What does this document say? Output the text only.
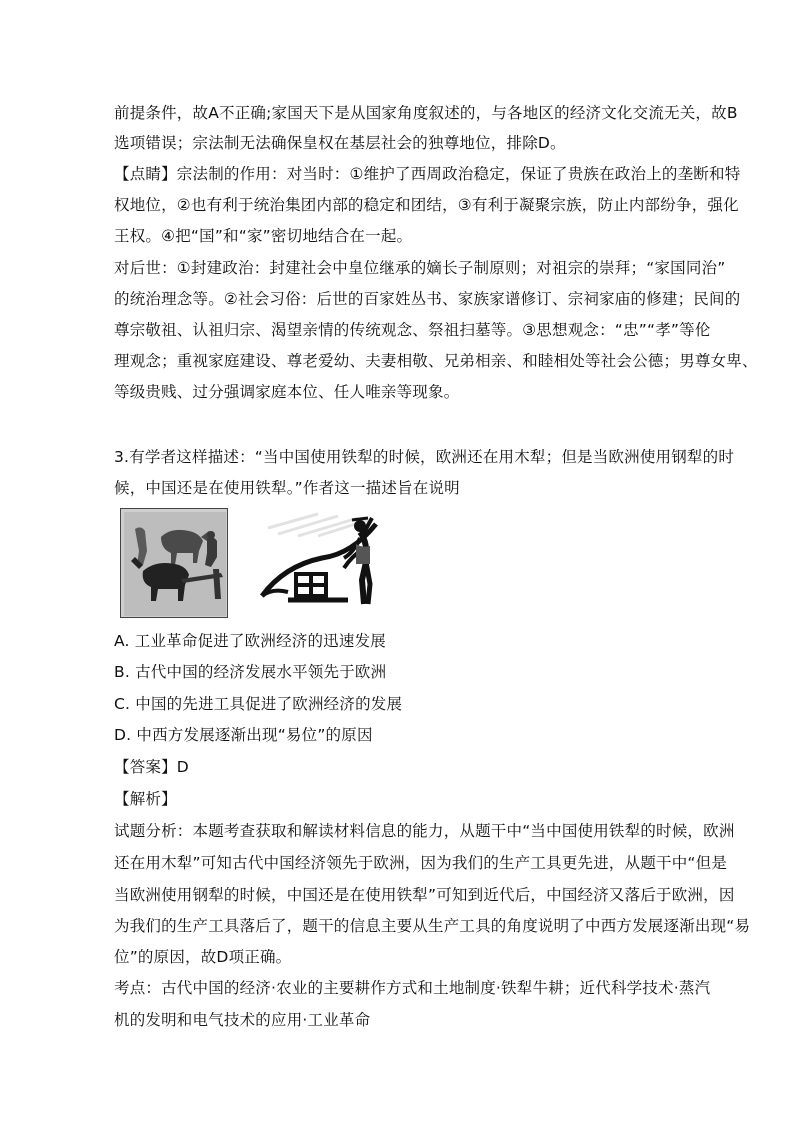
前提条件，故A不正确;家国天下是从国家角度叙述的，与各地区的经济文化交流无关，故B
选项错误；宗法制无法确保皇权在基层社会的独尊地位，排除D。
【点睛】宗法制的作用：对当时：①维护了西周政治稳定，保证了贵族在政治上的垄断和特
权地位，②也有利于统治集团内部的稳定和团结，③有利于凝聚宗族，防止内部纷争，强化
王权。④把“国”和“家”密切地结合在一起。
对后世：①封建政治：封建社会中皇位继承的嫡长子制原则；对祖宗的崇拜；“家国同治”
的统治理念等。②社会习俗：后世的百家姓丛书、家族家谱修订、宗祠家庙的修建；民间的
尊宗敬祖、认祖归宗、渴望亲情的传统观念、祭祖扫墓等。③思想观念：“忠”“孝”等伦
理观念；重视家庭建设、尊老爱幼、夫妻相敬、兄弟相亲、和睦相处等社会公德；男尊女卑、
等级贵贱、过分强调家庭本位、任人唯亲等现象。
3.有学者这样描述：“当中国使用铁犁的时候，欧洲还在用木犁；但是当欧洲使用钢犁的时
候，中国还是在使用铁犁。”作者这一描述旨在说明
A. 工业革命促进了欧洲经济的迅速发展
B. 古代中国的经济发展水平领先于欧洲
C. 中国的先进工具促进了欧洲经济的发展
D. 中西方发展逐渐出现“易位”的原因
【答案】D
【解析】
试题分析：本题考查获取和解读材料信息的能力，从题干中“当中国使用铁犁的时候，欧洲
还在用木犁”可知古代中国经济领先于欧洲，因为我们的生产工具更先进，从题干中“但是
当欧洲使用钢犁的时候，中国还是在使用铁犁”可知到近代后，中国经济又落后于欧洲，因
为我们的生产工具落后了，题干的信息主要从生产工具的角度说明了中西方发展逐渐出现“易
位”的原因，故D项正确。
考点：古代中国的经济·农业的主要耕作方式和土地制度·铁犁牛耕；近代科学技术·蒸汽
机的发明和电气技术的应用·工业革命
